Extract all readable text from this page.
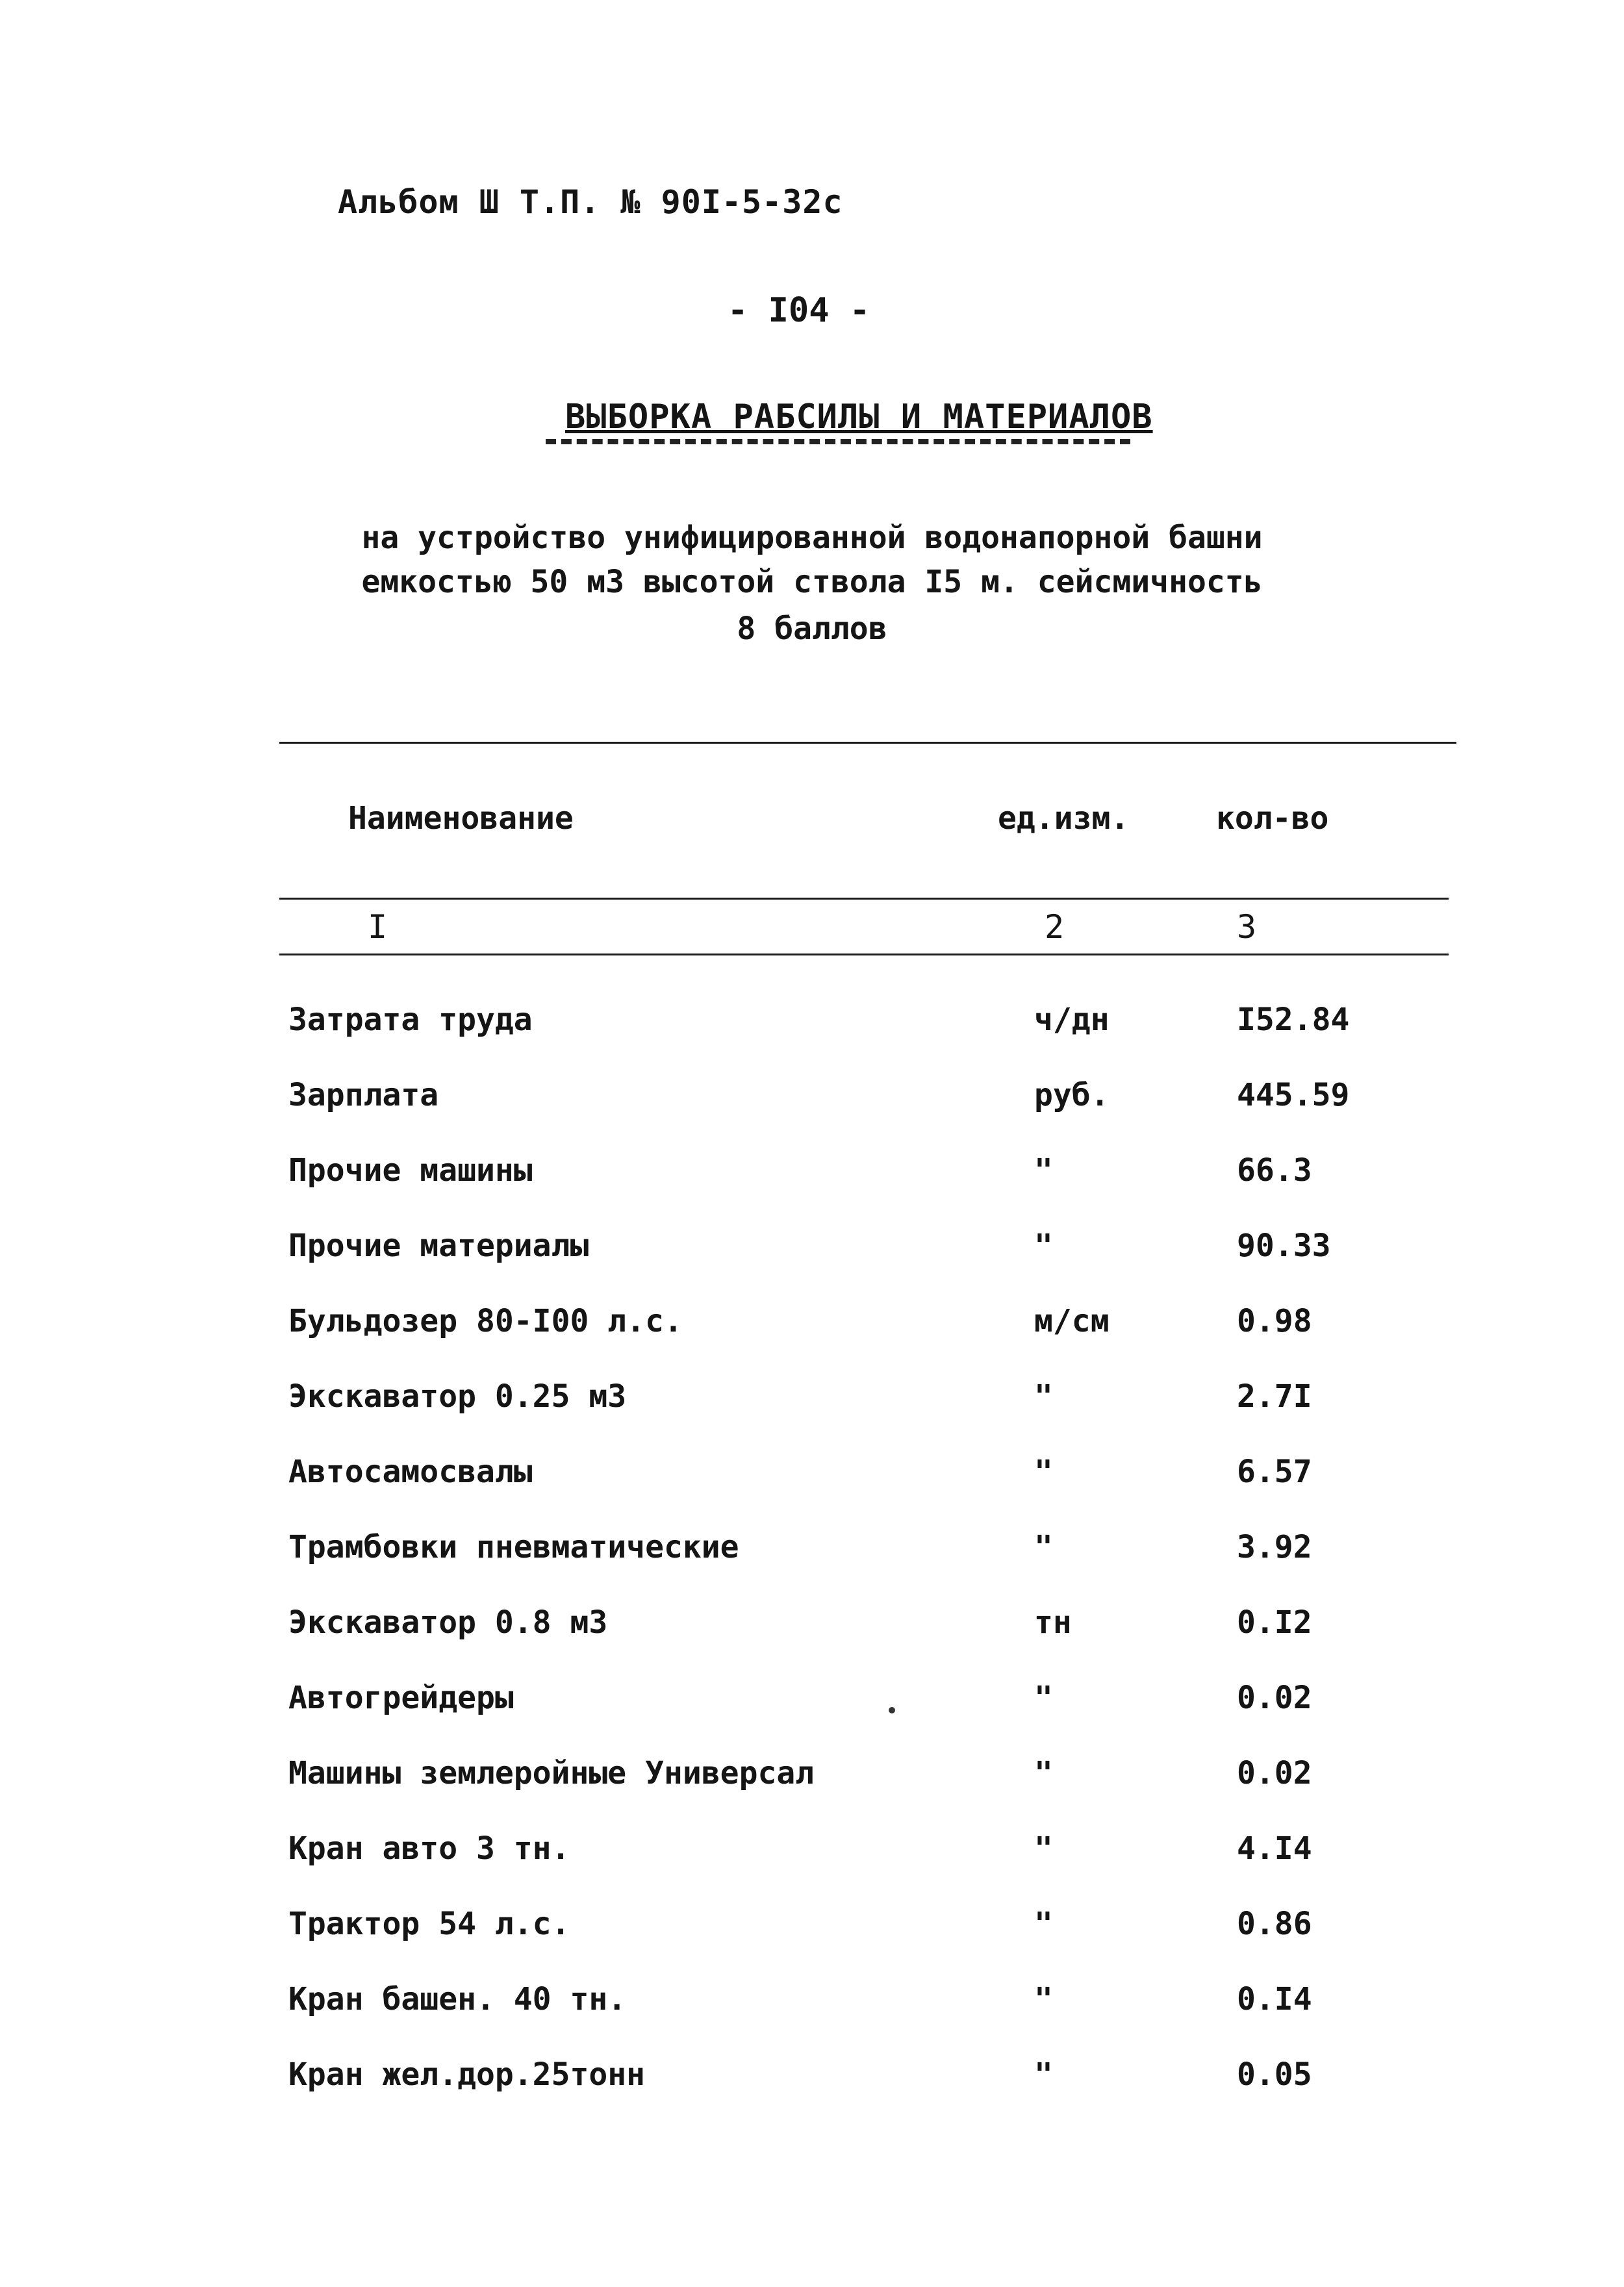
Альбом Ш Т.П. № 90I-5-32с
- I04 -
ВЫБОРКА РАБСИЛЫ И МАТЕРИАЛОВ
на устройство унифицированной водонапорной башни
емкостью 50 м3 высотой ствола I5 м. сейсмичность
8 баллов
Наименование	ед.изм.	кол-во
I	2	3
Затрата труда	ч/дн	I52.84
Зарплата	руб.	445.59
Прочие машины	"	66.3
Прочие материалы	"	90.33
Бульдозер 80-I00 л.с.	м/см	0.98
Экскаватор 0.25 м3	"	2.7I
Автосамосвалы	"	6.57
Трамбовки пневматические	"	3.92
Экскаватор 0.8 м3	тн	0.I2
Автогрейдеры	"	0.02
Машины землеройные Универсал	"	0.02
Кран авто 3 тн.	"	4.I4
Трактор 54 л.с.	"	0.86
Кран башен. 40 тн.	"	0.I4
Кран жел.дор.25тонн	"	0.05
